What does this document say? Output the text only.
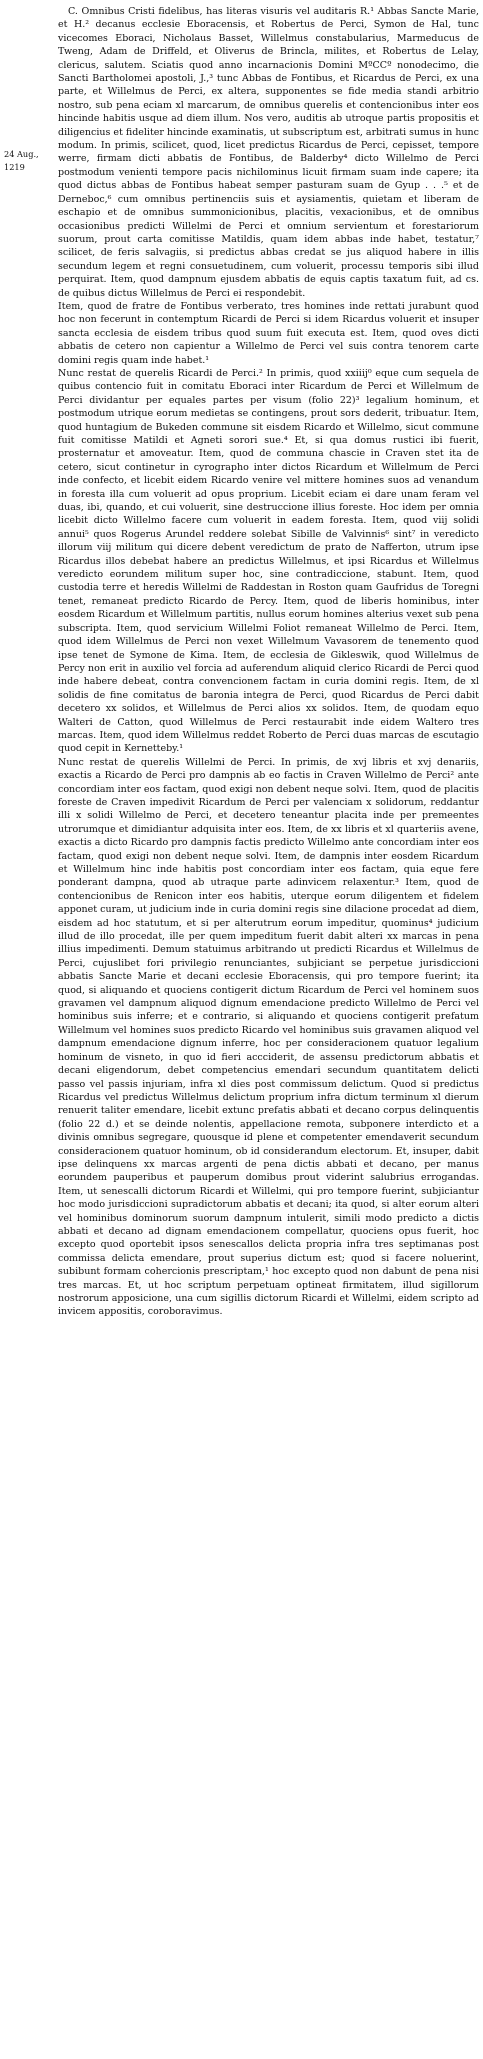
24 Aug., 1219

C. Omnibus Cristi fidelibus, has literas visuris vel auditaris R.¹ Abbas Sancte Marie, et H.² decanus ecclesie Eboracensis, et Robertus de Perci, Symon de Hal, tunc vicecomes Eboraci, Nicholaus Basset, Willelmus constabularius, Marmeducus de Tweng, Adam de Driffeld, et Oliverus de Brincla, milites, et Robertus de Lelay, clericus, salutem. Sciatis quod anno incarnacionis Domini MºCCº nonodecimo, die Sancti Bartholomei apostoli, J.,³ tunc Abbas de Fontibus, et Ricardus de Perci, ex una parte, et Willelmus de Perci, ex altera, supponentes se fide media standi arbitrio nostro, sub pena eciam xl marcarum, de omnibus querelis et contencionibus inter eos hincinde habitis usque ad diem illum. Nos vero, auditis ab utroque partis propositis et diligencius et fideliter hincinde examinatis, ut subscriptum est, arbitrati sumus in hunc modum. In primis, scilicet, quod, licet predictus Ricardus de Perci, cepisset, tempore werre, firmam dicti abbatis de Fontibus, de Balderby⁴ dicto Willelmo de Perci postmodum venienti tempore pacis nichilominus licuit firmam suam inde capere; ita quod dictus abbas de Fontibus habeat semper pasturam suam de Gyup . . .⁵ et de Derneboc,⁶ cum omnibus pertinenciis suis et aysiamentis, quietam et liberam de eschapio et de omnibus summonicionibus, placitis, vexacionibus, et de omnibus occasionibus predicti Willelmi de Perci et omnium servientum et forestariorum suorum, prout carta comitisse Matildis, quam idem abbas inde habet, testatur,⁷ scilicet, de feris salvagiis, si predictus abbas credat se jus aliquod habere in illis secundum legem et regni consuetudinem, cum voluerit, processu temporis sibi illud perquirat. Item, quod dampnum ejusdem abbatis de equis captis taxatum fuit, ad cs. de quibus dictus Willelmus de Perci ei respondebit.

Item, quod de fratre de Fontibus verberato, tres homines inde rettati jurabunt quod hoc non fecerunt in contemptum Ricardi de Perci si idem Ricardus voluerit et insuper sancta ecclesia de eisdem tribus quod suum fuit executa est. Item, quod oves dicti abbatis de cetero non capientur a Willelmo de Perci vel suis contra tenorem carte domini regis quam inde habet.¹

Nunc restat de querelis Ricardi de Perci.² In primis, quod xxiiij⁰ eque cum sequela de quibus contencio fuit in comitatu Eboraci inter Ricardum de Perci et Willelmum de Perci dividantur per equales partes per visum (folio 22)³ legalium hominum, et postmodum utrique eorum medietas se contingens, prout sors dederit, tribuatur. Item, quod huntagium de Bukeden commune sit eisdem Ricardo et Willelmo, sicut commune fuit comitisse Matildi et Agneti sorori sue.⁴ Et, si qua domus rustici ibi fuerit, prosternatur et amoveatur. Item, quod de communa chascie in Craven stet ita de cetero, sicut continetur in cyrographo inter dictos Ricardum et Willelmum de Perci inde confecto, et licebit eidem Ricardo venire vel mittere homines suos ad venandum in foresta illa cum voluerit ad opus proprium. Licebit eciam ei dare unam feram vel duas, ibi, quando, et cui voluerit, sine destruccione illius foreste. Hoc idem per omnia licebit dicto Willelmo facere cum voluerit in eadem foresta. Item, quod viij solidi annui⁵ quos Rogerus Arundel reddere solebat Sibille de Valvinnis⁶ sint⁷ in veredicto illorum viij militum qui dicere debent veredictum de prato de Nafferton, utrum ipse Ricardus illos debebat habere an predictus Willelmus, et ipsi Ricardus et Willelmus veredicto eorundem militum super hoc, sine contradiccione, stabunt. Item, quod custodia terre et heredis Willelmi de Raddestan in Roston quam Gaufridus de Toregni tenet, remaneat predicto Ricardo de Percy. Item, quod de liberis hominibus, inter eosdem Ricardum et Willelmum partitis, nullus eorum homines alterius vexet sub pena subscripta. Item, quod servicium Willelmi Foliot remaneat Willelmo de Perci. Item, quod idem Willelmus de Perci non vexet Willelmum Vavasorem de tenemento quod ipse tenet de Symone de Kima. Item, de ecclesia de Gikleswik, quod Willelmus de Percy non erit in auxilio vel forcia ad auferendum aliquid clerico Ricardi de Perci quod inde habere debeat, contra convencionem factam in curia domini regis. Item, de xl solidis de fine comitatus de baronia integra de Perci, quod Ricardus de Perci dabit decetero xx solidos, et Willelmus de Perci alios xx solidos. Item, de quodam equo Walteri de Catton, quod Willelmus de Perci restaurabit inde eidem Waltero tres marcas. Item, quod idem Willelmus reddet Roberto de Perci duas marcas de escutagio quod cepit in Kernetteby.¹

Nunc restat de querelis Willelmi de Perci. In primis, de xvj libris et xvj denariis, exactis a Ricardo de Perci pro dampnis ab eo factis in Craven Willelmo de Perci² ante concordiam inter eos factam, quod exigi non debent neque solvi. Item, quod de placitis foreste de Craven impedivit Ricardum de Perci per valenciam x solidorum, reddantur illi x solidi Willelmo de Perci, et decetero teneantur placita inde per premeentes utrorumque et dimidiantur adquisita inter eos. Item, de xx libris et xl quarteriis avene, exactis a dicto Ricardo pro dampnis factis predicto Willelmo ante concordiam inter eos factam, quod exigi non debent neque solvi. Item, de dampnis inter eosdem Ricardum et Willelmum hinc inde habitis post concordiam inter eos factam, quia eque fere ponderant dampna, quod ab utraque parte adinvicem relaxentur.³ Item, quod de contencionibus de Renicon inter eos habitis, uterque eorum diligentem et fidelem apponet curam, ut judicium inde in curia domini regis sine dilacione procedat ad diem, eisdem ad hoc statutum, et si per alterutrum eorum impeditur, quominus⁴ judicium illud de illo procedat, ille per quem impeditum fuerit dabit alteri xx marcas in pena illius impedimenti. Demum statuimus arbitrando ut predicti Ricardus et Willelmus de Perci, cujuslibet fori privilegio renunciantes, subjiciant se perpetue jurisdiccioni abbatis Sancte Marie et decani ecclesie Eboracensis, qui pro tempore fuerint; ita quod, si aliquando et quociens contigerit dictum Ricardum de Perci vel hominem suos gravamen vel dampnum aliquod dignum emendacione predicto Willelmo de Perci vel hominibus suis inferre; et e contrario, si aliquando et quociens contigerit prefatum Willelmum vel homines suos predicto Ricardo vel hominibus suis gravamen aliquod vel dampnum emendacione dignum inferre, hoc per consideracionem quatuor legalium hominum de visneto, in quo id fieri accciderit, de assensu predictorum abbatis et decani eligendorum, debet competencius emendari secundum quantitatem delicti passo vel passis injuriam, infra xl dies post commissum delictum. Quod si predictus Ricardus vel predictus Willelmus delictum proprium infra dictum terminum xl dierum renuerit taliter emendare, licebit extunc prefatis abbati et decano corpus delinquentis (folio 22 d.) et se deinde nolentis, appellacione remota, subponere interdicto et a divinis omnibus segregare, quousque id plene et competenter emendaverit secundum consideracionem quatuor hominum, ob id considerandum electorum. Et, insuper, dabit ipse delinquens xx marcas argenti de pena dictis abbati et decano, per manus eorundem pauperibus et pauperum domibus prout viderint salubrius errogandas. Item, ut senescalli dictorum Ricardi et Willelmi, qui pro tempore fuerint, subjiciantur hoc modo jurisdiccioni supradictorum abbatis et decani; ita quod, si alter eorum alteri vel hominibus dominorum suorum dampnum intulerit, simili modo predicto a dictis abbati et decano ad dignam emendacionem compellatur, quociens opus fuerit, hoc excepto quod oportebit ipsos senescallos delicta propria infra tres septimanas post commissa delicta emendare, prout superius dictum est; quod si facere noluerint, subibunt formam cohercionis prescriptam,¹ hoc excepto quod non dabunt de pena nisi tres marcas. Et, ut hoc scriptum perpetuam optineat firmitatem, illud sigillorum nostrorum apposicione, una cum sigillis dictorum Ricardi et Willelmi, eidem scripto ad invicem appositis, coroboravimus.
